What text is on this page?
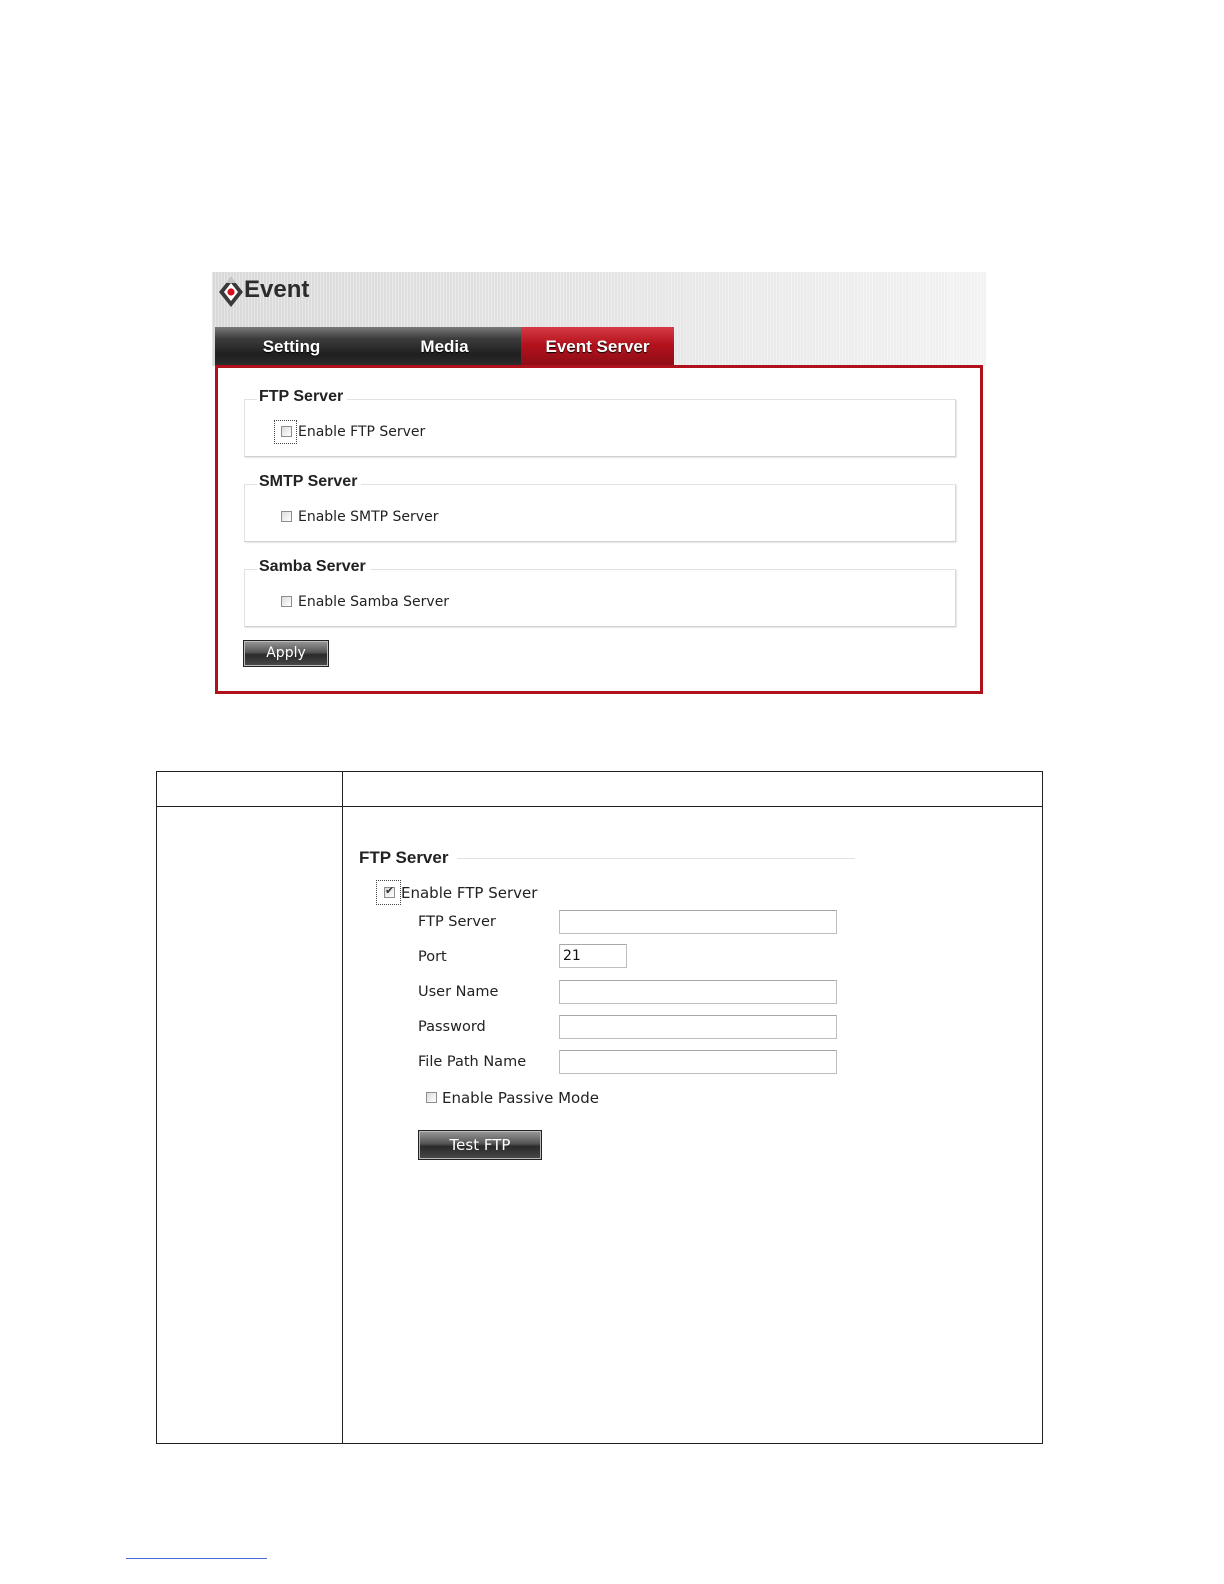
Event
Setting	Media	Event Server
FTP Server
Enable FTP Server
SMTP Server
Enable SMTP Server
Samba Server
Enable Samba Server
Apply
FTP Server
✔ Enable FTP Server
FTP Server
Port
21
User Name
Password
File Path Name
Enable Passive Mode
Test FTP
